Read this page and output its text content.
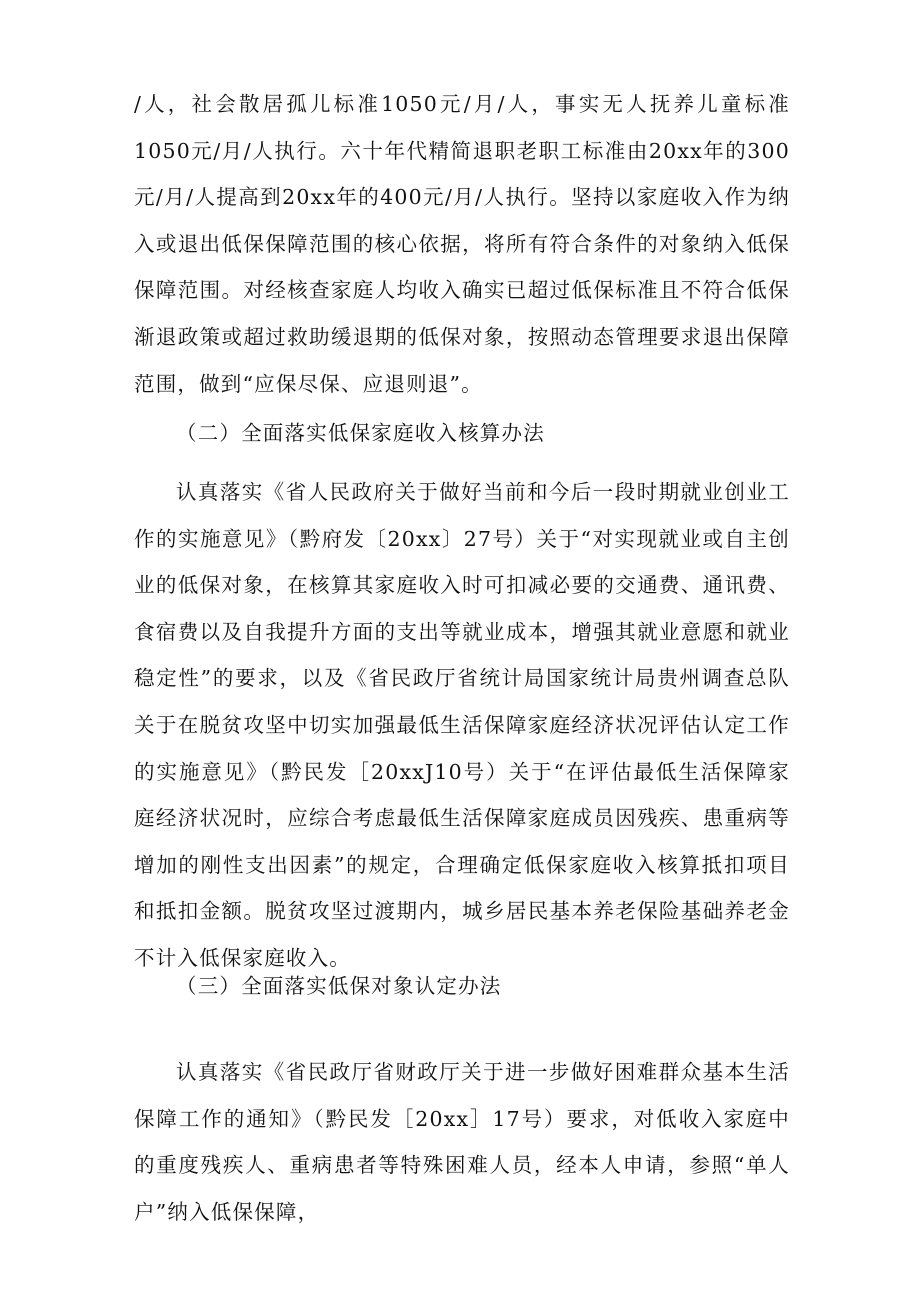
/人，社会散居孤儿标准1050元/月/人，事实无人抚养儿童标准1050元/月/人执行。六十年代精简退职老职工标准由20xx年的300元/月/人提高到20xx年的400元/月/人执行。坚持以家庭收入作为纳入或退出低保保障范围的核心依据，将所有符合条件的对象纳入低保保障范围。对经核查家庭人均收入确实已超过低保标准且不符合低保渐退政策或超过救助缓退期的低保对象，按照动态管理要求退出保障范围，做到“应保尽保、应退则退”。

（二）全面落实低保家庭收入核算办法

认真落实《省人民政府关于做好当前和今后一段时期就业创业工作的实施意见》（黔府发〔20xx〕27号）关于“对实现就业或自主创业的低保对象，在核算其家庭收入时可扣减必要的交通费、通讯费、食宿费以及自我提升方面的支出等就业成本，增强其就业意愿和就业稳定性”的要求，以及《省民政厅省统计局国家统计局贵州调查总队关于在脱贫攻坚中切实加强最低生活保障家庭经济状况评估认定工作的实施意见》（黔民发［20xxJ10号）关于“在评估最低生活保障家庭经济状况时，应综合考虑最低生活保障家庭成员因残疾、患重病等增加的刚性支出因素”的规定，合理确定低保家庭收入核算抵扣项目和抵扣金额。脱贫攻坚过渡期内，城乡居民基本养老保险基础养老金不计入低保家庭收入。

（三）全面落实低保对象认定办法

认真落实《省民政厅省财政厅关于进一步做好困难群众基本生活保障工作的通知》（黔民发［20xx］17号）要求，对低收入家庭中的重度残疾人、重病患者等特殊困难人员，经本人申请，参照“单人户”纳入低保保障，
